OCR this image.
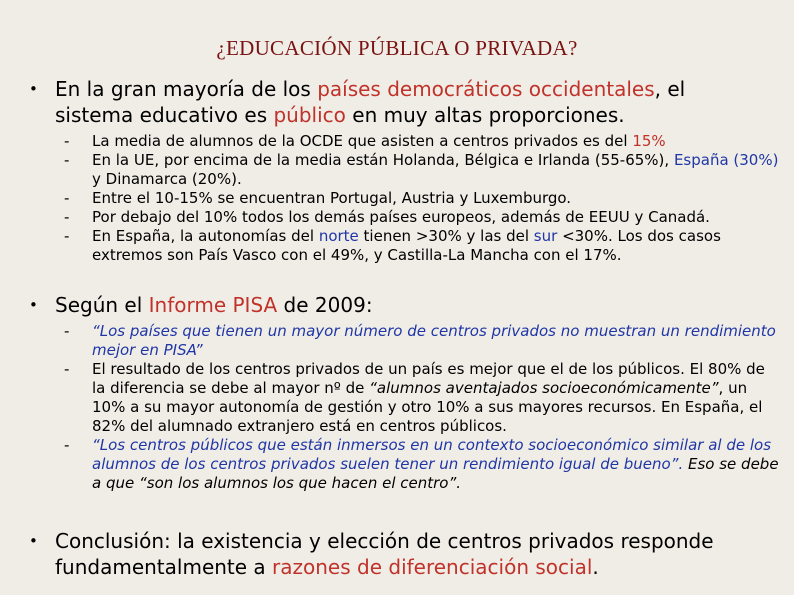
¿EDUCACIÓN PÚBLICA O PRIVADA?
• En la gran mayoría de los países democráticos occidentales, el sistema educativo es público en muy altas proporciones.
-	La media de alumnos de la OCDE que asisten a centros privados es del 15%
-	En la UE, por encima de la media están Holanda, Bélgica e Irlanda (55-65%), España (30%) y Dinamarca (20%).
-	Entre el 10-15% se encuentran Portugal, Austria y Luxemburgo.
-	Por debajo del 10% todos los demás países europeos, además de EEUU y Canadá.
-	En España, la autonomías del norte tienen >30% y las del sur <30%. Los dos casos extremos son País Vasco con el 49%, y Castilla-La Mancha con el 17%.
• Según el Informe PISA de 2009:
-	“Los países que tienen un mayor número de centros privados no muestran un rendimiento mejor en PISA”
-	El resultado de los centros privados de un país es mejor que el de los públicos. El 80% de la diferencia se debe al mayor nº de “alumnos aventajados socioeconómicamente”, un 10% a su mayor autonomía de gestión y otro 10% a sus mayores recursos. En España, el 82% del alumnado extranjero está en centros públicos.
-	“Los centros públicos que están inmersos en un contexto socioeconómico similar al de los alumnos de los centros privados suelen tener un rendimiento igual de bueno”. Eso se debe a que “son los alumnos los que hacen el centro”.
• Conclusión: la existencia y elección de centros privados responde fundamentalmente a razones de diferenciación social.
